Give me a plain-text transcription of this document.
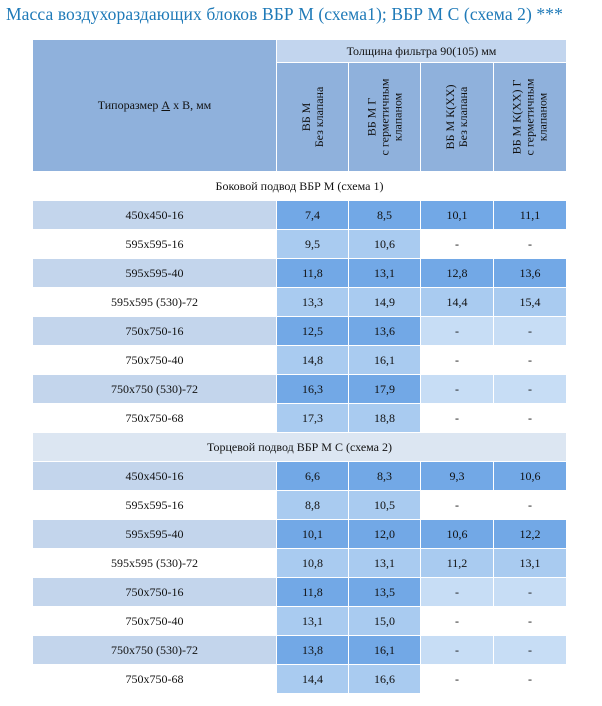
Масса воздухораздающих блоков ВБР М (схема1); ВБР М С (схема 2) ***
Типоразмер А х В, мм	Толщина фильтра 90(105) мм			

	ВБ М Без клапана	ВБ М Г с герметичным клапаном	ВБ М К(ХХ) Без клапана	ВБ М К(ХХ) Г с герметичным клапаном

Боковой подвод ВБР М (схема 1)				
450х450-16	7,4	8,5	10,1	11,1
595х595-16	9,5	10,6	-	-
595х595-40	11,8	13,1	12,8	13,6
595х595 (530)-72	13,3	14,9	14,4	15,4
750х750-16	12,5	13,6	-	-
750х750-40	14,8	16,1	-	-
750х750 (530)-72	16,3	17,9	-	-
750х750-68	17,3	18,8	-	-
Торцевой подвод ВБР М С (схема 2)				
450х450-16	6,6	8,3	9,3	10,6
595х595-16	8,8	10,5	-	-
595х595-40	10,1	12,0	10,6	12,2
595х595 (530)-72	10,8	13,1	11,2	13,1
750х750-16	11,8	13,5	-	-
750х750-40	13,1	15,0	-	-
750х750 (530)-72	13,8	16,1	-	-
750х750-68	14,4	16,6	-	-
